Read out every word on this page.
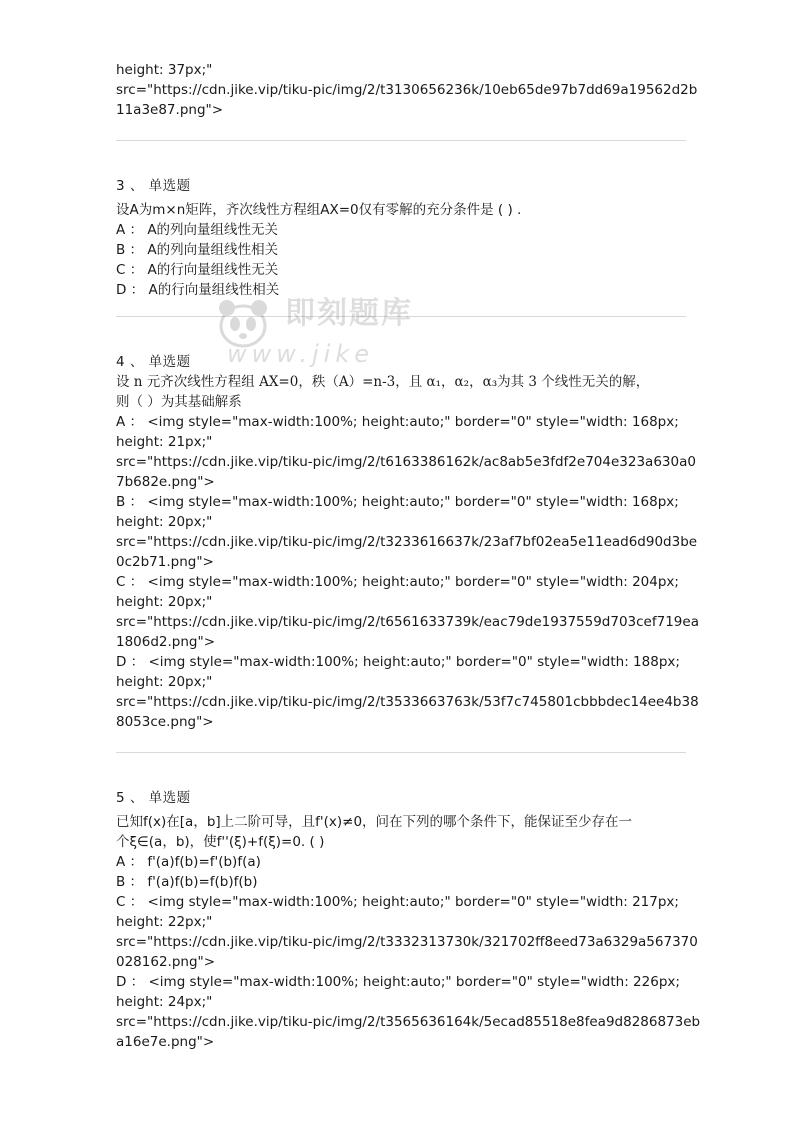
height: 37px;"
src="https://cdn.jike.vip/tiku-pic/img/2/t3130656236k/10eb65de97b7dd69a19562d2b
11a3e87.png">
3 、 单选题
设A为m×n矩阵，齐次线性方程组AX=0仅有零解的充分条件是 ( ) .
A ： A的列向量组线性无关
B ： A的列向量组线性相关
C ： A的行向量组线性无关
D ： A的行向量组线性相关
4 、 单选题
设 n 元齐次线性方程组 AX=0，秩（A）=n-3，且 α₁，α₂，α₃为其 3 个线性无关的解，
则（ ）为其基础解系
A ： <img style="max-width:100%; height:auto;" border="0" style="width: 168px;
height: 21px;"
src="https://cdn.jike.vip/tiku-pic/img/2/t6163386162k/ac8ab5e3fdf2e704e323a630a0
7b682e.png">
B ： <img style="max-width:100%; height:auto;" border="0" style="width: 168px;
height: 20px;"
src="https://cdn.jike.vip/tiku-pic/img/2/t3233616637k/23af7bf02ea5e11ead6d90d3be
0c2b71.png">
C ： <img style="max-width:100%; height:auto;" border="0" style="width: 204px;
height: 20px;"
src="https://cdn.jike.vip/tiku-pic/img/2/t6561633739k/eac79de1937559d703cef719ea
1806d2.png">
D ： <img style="max-width:100%; height:auto;" border="0" style="width: 188px;
height: 20px;"
src="https://cdn.jike.vip/tiku-pic/img/2/t3533663763k/53f7c745801cbbbdec14ee4b38
8053ce.png">
5 、 单选题
已知f(x)在[a，b]上二阶可导，且f'(x)≠0，问在下列的哪个条件下，能保证至少存在一
个ξ∈(a，b)，使f''(ξ)+f(ξ)=0. ( )
A ： f'(a)f(b)=f'(b)f(a)
B ： f'(a)f(b)=f(b)f(b)
C ： <img style="max-width:100%; height:auto;" border="0" style="width: 217px;
height: 22px;"
src="https://cdn.jike.vip/tiku-pic/img/2/t3332313730k/321702ff8eed73a6329a567370
028162.png">
D ： <img style="max-width:100%; height:auto;" border="0" style="width: 226px;
height: 24px;"
src="https://cdn.jike.vip/tiku-pic/img/2/t3565636164k/5ecad85518e8fea9d8286873eb
a16e7e.png">
即刻题库
www.jike
